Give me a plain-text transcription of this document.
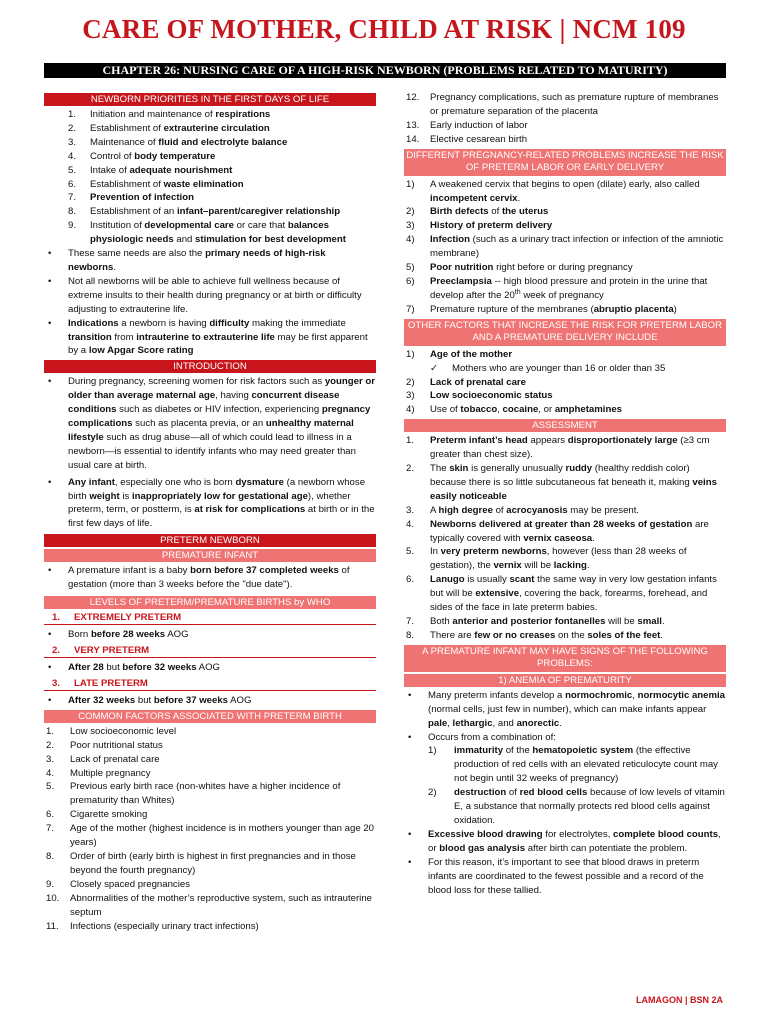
CARE OF MOTHER, CHILD AT RISK | NCM 109
CHAPTER 26: NURSING CARE OF A HIGH-RISK NEWBORN (PROBLEMS RELATED TO MATURITY)
NEWBORN PRIORITIES IN THE FIRST DAYS OF LIFE
1. Initiation and maintenance of respirations
2. Establishment of extrauterine circulation
3. Maintenance of fluid and electrolyte balance
4. Control of body temperature
5. Intake of adequate nourishment
6. Establishment of waste elimination
7. Prevention of infection
8. Establishment of an infant–parent/caregiver relationship
9. Institution of developmental care or care that balances physiologic needs and stimulation for best development
• These same needs are also the primary needs of high-risk newborns.
• Not all newborns will be able to achieve full wellness because of extreme insults to their health during pregnancy or at birth or difficulty adjusting to extrauterine life.
• Indications a newborn is having difficulty making the immediate transition from intrauterine to extrauterine life may be first apparent by a low Apgar Score rating
INTRODUCTION
• During pregnancy, screening women for risk factors such as younger or older than average maternal age, having concurrent disease conditions such as diabetes or HIV infection, experiencing pregnancy complications such as placenta previa, or an unhealthy maternal lifestyle such as drug abuse—all of which could lead to illness in a newborn—is essential to identify infants who may need greater than usual care at birth.
• Any infant, especially one who is born dysmature (a newborn whose birth weight is inappropriately low for gestational age), whether preterm, term, or postterm, is at risk for complications at birth or in the first few days of life.
PRETERM NEWBORN
PREMATURE INFANT
• A premature infant is a baby born before 37 completed weeks of gestation (more than 3 weeks before the "due date").
LEVELS OF PRETERM/PREMATURE BIRTHS by WHO
1. EXTREMELY PRETERM
• Born before 28 weeks AOG
2. VERY PRETERM
• After 28 but before 32 weeks AOG
3. LATE PRETERM
• After 32 weeks but before 37 weeks AOG
COMMON FACTORS ASSOCIATED WITH PRETERM BIRTH
1. Low socioeconomic level
2. Poor nutritional status
3. Lack of prenatal care
4. Multiple pregnancy
5. Previous early birth race (non-whites have a higher incidence of prematurity than Whites)
6. Cigarette smoking
7. Age of the mother (highest incidence is in mothers younger than age 20 years)
8. Order of birth (early birth is highest in first pregnancies and in those beyond the fourth pregnancy)
9. Closely spaced pregnancies
10. Abnormalities of the mother’s reproductive system, such as intrauterine septum
11. Infections (especially urinary tract infections)
12. Pregnancy complications, such as premature rupture of membranes or premature separation of the placenta
13. Early induction of labor
14. Elective cesarean birth
DIFFERENT PREGNANCY-RELATED PROBLEMS INCREASE THE RISK OF PRETERM LABOR OR EARLY DELIVERY
1) A weakened cervix that begins to open (dilate) early, also called incompetent cervix.
2) Birth defects of the uterus
3) History of preterm delivery
4) Infection (such as a urinary tract infection or infection of the amniotic membrane)
5) Poor nutrition right before or during pregnancy
6) Preeclampsia -- high blood pressure and protein in the urine that develop after the 20th week of pregnancy
7) Premature rupture of the membranes (abruptio placenta)
OTHER FACTORS THAT INCREASE THE RISK FOR PRETERM LABOR AND A PREMATURE DELIVERY INCLUDE
1) Age of the mother
✓ Mothers who are younger than 16 or older than 35
2) Lack of prenatal care
3) Low socioeconomic status
4) Use of tobacco, cocaine, or amphetamines
ASSESSMENT
1. Preterm infant’s head appears disproportionately large (≥3 cm greater than chest size).
2. The skin is generally unusually ruddy (healthy reddish color) because there is so little subcutaneous fat beneath it, making veins easily noticeable
3. A high degree of acrocyanosis may be present.
4. Newborns delivered at greater than 28 weeks of gestation are typically covered with vernix caseosa.
5. In very preterm newborns, however (less than 28 weeks of gestation), the vernix will be lacking.
6. Lanugo is usually scant the same way in very low gestation infants but will be extensive, covering the back, forearms, forehead, and sides of the face in late preterm babies.
7. Both anterior and posterior fontanelles will be small.
8. There are few or no creases on the soles of the feet.
A PREMATURE INFANT MAY HAVE SIGNS OF THE FOLLOWING PROBLEMS:
1) ANEMIA OF PREMATURITY
• Many preterm infants develop a normochromic, normocytic anemia (normal cells, just few in number), which can make infants appear pale, lethargic, and anorectic.
• Occurs from a combination of:
1) immaturity of the hematopoietic system (the effective production of red cells with an elevated reticulocyte count may not begin until 32 weeks of pregnancy)
2) destruction of red blood cells because of low levels of vitamin E, a substance that normally protects red blood cells against oxidation.
• Excessive blood drawing for electrolytes, complete blood counts, or blood gas analysis after birth can potentiate the problem.
• For this reason, it’s important to see that blood draws in preterm infants are coordinated to the fewest possible and a record of the blood loss for these tallied.
LAMAGON | BSN 2A
